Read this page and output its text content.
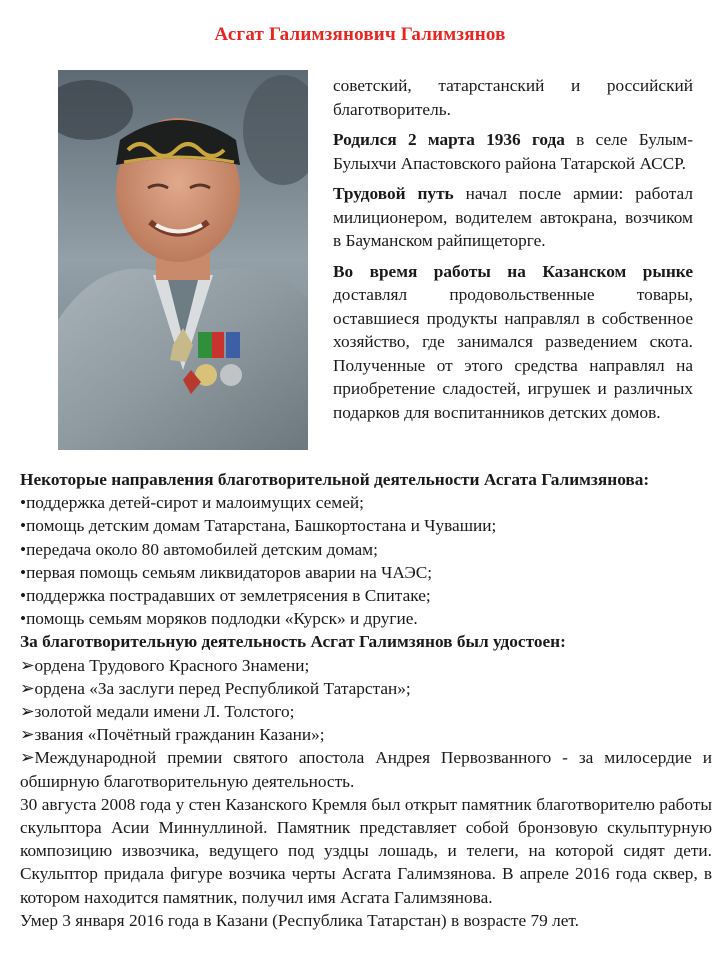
Асгат Галимзянович Галимзянов

советский, татарстанский и российский благотворитель.

Родился 2 марта 1936 года в селе Булым-Булыхчи Апастовского района Татарской АССР.

Трудовой путь начал после армии: работал милиционером, водителем автокрана, возчиком в Бауманском райпищеторге.

Во время работы на Казанском рынке доставлял продовольственные товары, оставшиеся продукты направлял в собственное хозяйство, где занимался разведением скота. Полученные от этого средства направлял на приобретение сладостей, игрушек и различных подарков для воспитанников детских домов.

Некоторые направления благотворительной деятельности Асгата Галимзянова:
•поддержка детей-сирот и малоимущих семей;
•помощь детским домам Татарстана, Башкортостана и Чувашии;
•передача около 80 автомобилей детским домам;
•первая помощь семьям ликвидаторов аварии на ЧАЭС;
•поддержка пострадавших от землетрясения в Спитаке;
•помощь семьям моряков подлодки «Курск» и другие.
За благотворительную деятельность Асгат Галимзянов был удостоен:
➢ордена Трудового Красного Знамени;
➢ордена «За заслуги перед Республикой Татарстан»;
➢золотой медали имени Л. Толстого;
➢звания «Почётный гражданин Казани»;
➢Международной премии святого апостола Андрея Первозванного - за милосердие и обширную благотворительную деятельность.
30 августа 2008 года у стен Казанского Кремля был открыт памятник благотворителю работы скульптора Асии Миннуллиной. Памятник представляет собой бронзовую скульптурную композицию извозчика, ведущего под уздцы лошадь, и телеги, на которой сидят дети. Скульптор придала фигуре возчика черты Асгата Галимзянова. В апреле 2016 года сквер, в котором находится памятник, получил имя Асгата Галимзянова.
Умер 3 января 2016 года в Казани (Республика Татарстан) в возрасте 79 лет.
